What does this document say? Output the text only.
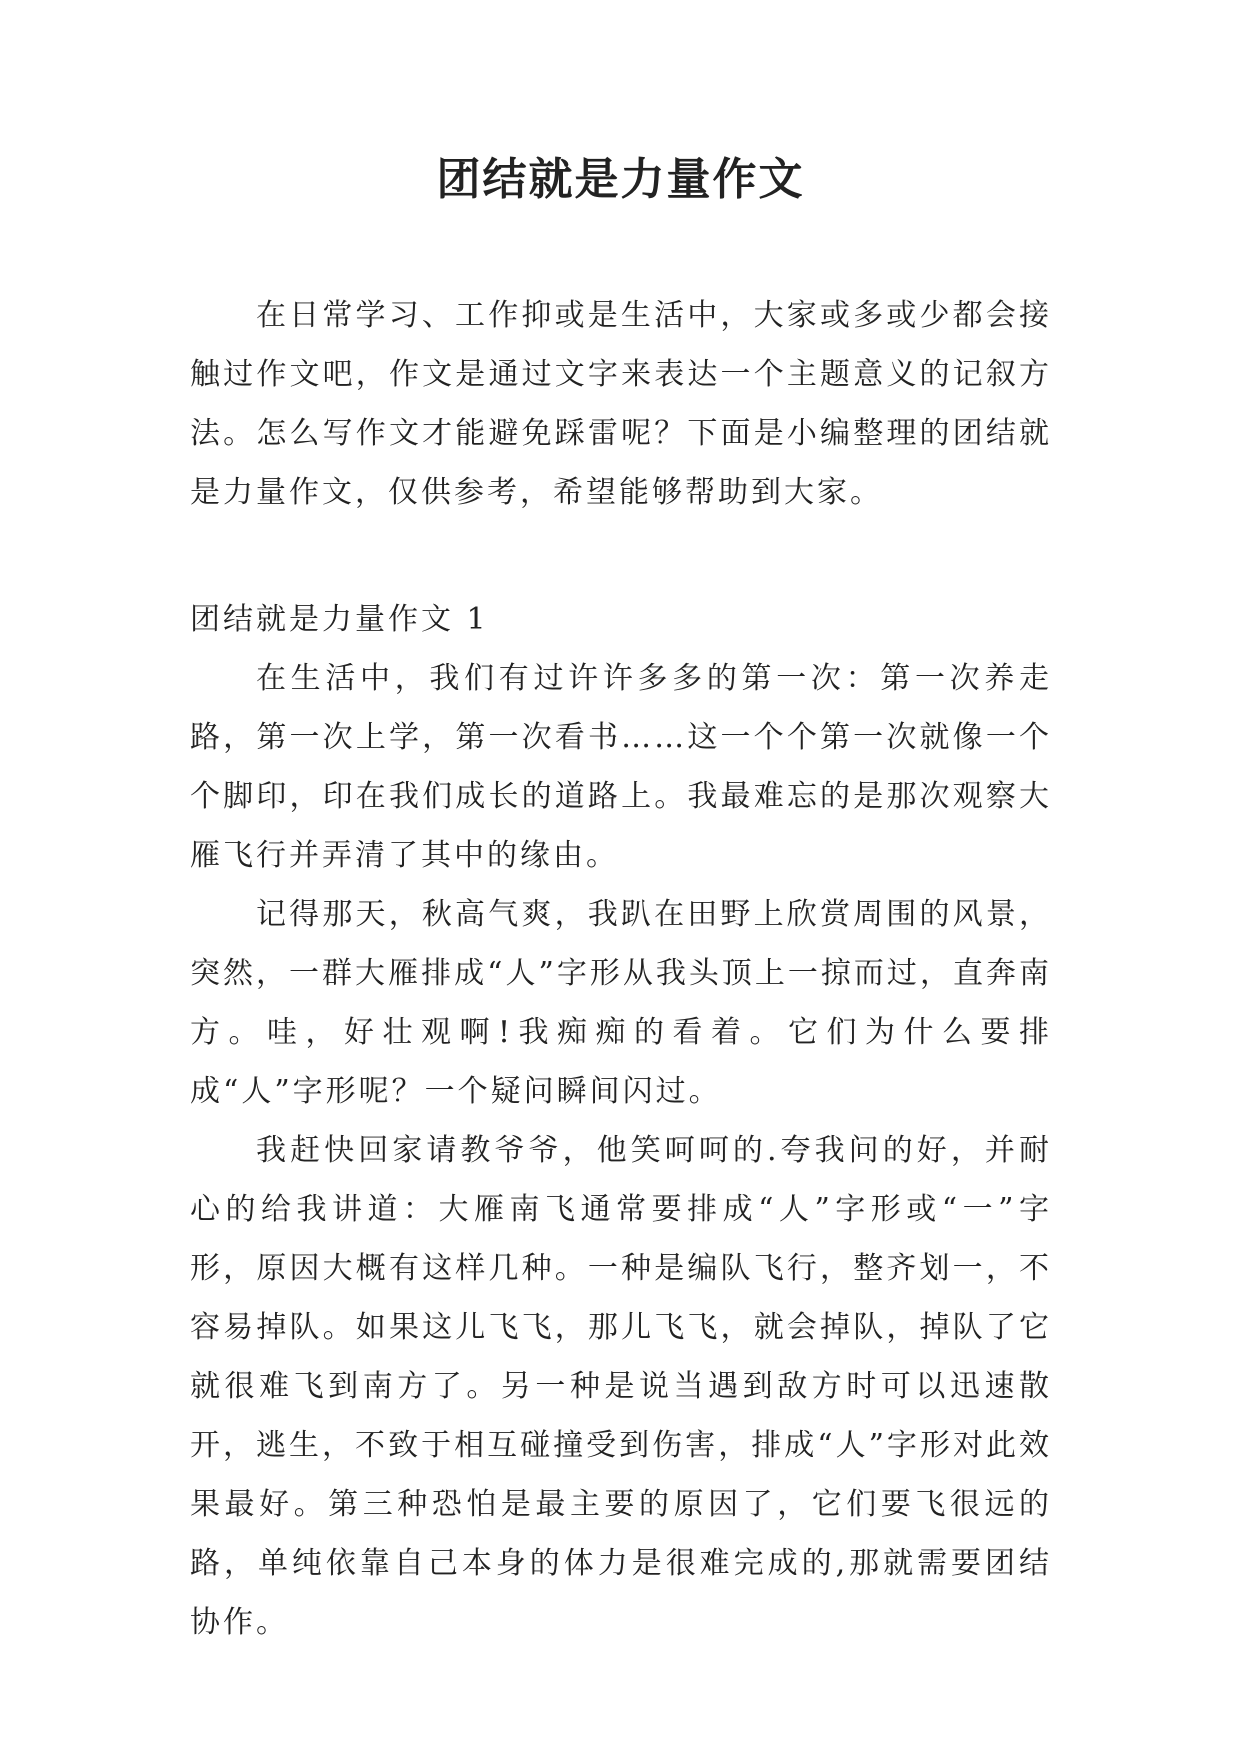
团结就是力量作文

在日常学习、工作抑或是生活中，大家或多或少都会接触过作文吧，作文是通过文字来表达一个主题意义的记叙方法。怎么写作文才能避免踩雷呢？下面是小编整理的团结就是力量作文，仅供参考，希望能够帮助到大家。

团结就是力量作文 1

在生活中，我们有过许许多多的第一次：第一次养走路，第一次上学，第一次看书……这一个个第一次就像一个个脚印，印在我们成长的道路上。我最难忘的是那次观察大雁飞行并弄清了其中的缘由。

记得那天，秋高气爽，我趴在田野上欣赏周围的风景，突然，一群大雁排成“人”字形从我头顶上一掠而过，直奔南方。哇，好壮观啊!我痴痴的看着。它们为什么要排成“人”字形呢？一个疑问瞬间闪过。

我赶快回家请教爷爷，他笑呵呵的.夸我问的好，并耐心的给我讲道：大雁南飞通常要排成“人”字形或“一”字形，原因大概有这样几种。一种是编队飞行，整齐划一，不容易掉队。如果这儿飞飞，那儿飞飞，就会掉队，掉队了它就很难飞到南方了。另一种是说当遇到敌方时可以迅速散开，逃生，不致于相互碰撞受到伤害，排成“人”字形对此效果最好。第三种恐怕是最主要的原因了，它们要飞很远的路，单纯依靠自己本身的体力是很难完成的,那就需要团结协作。
